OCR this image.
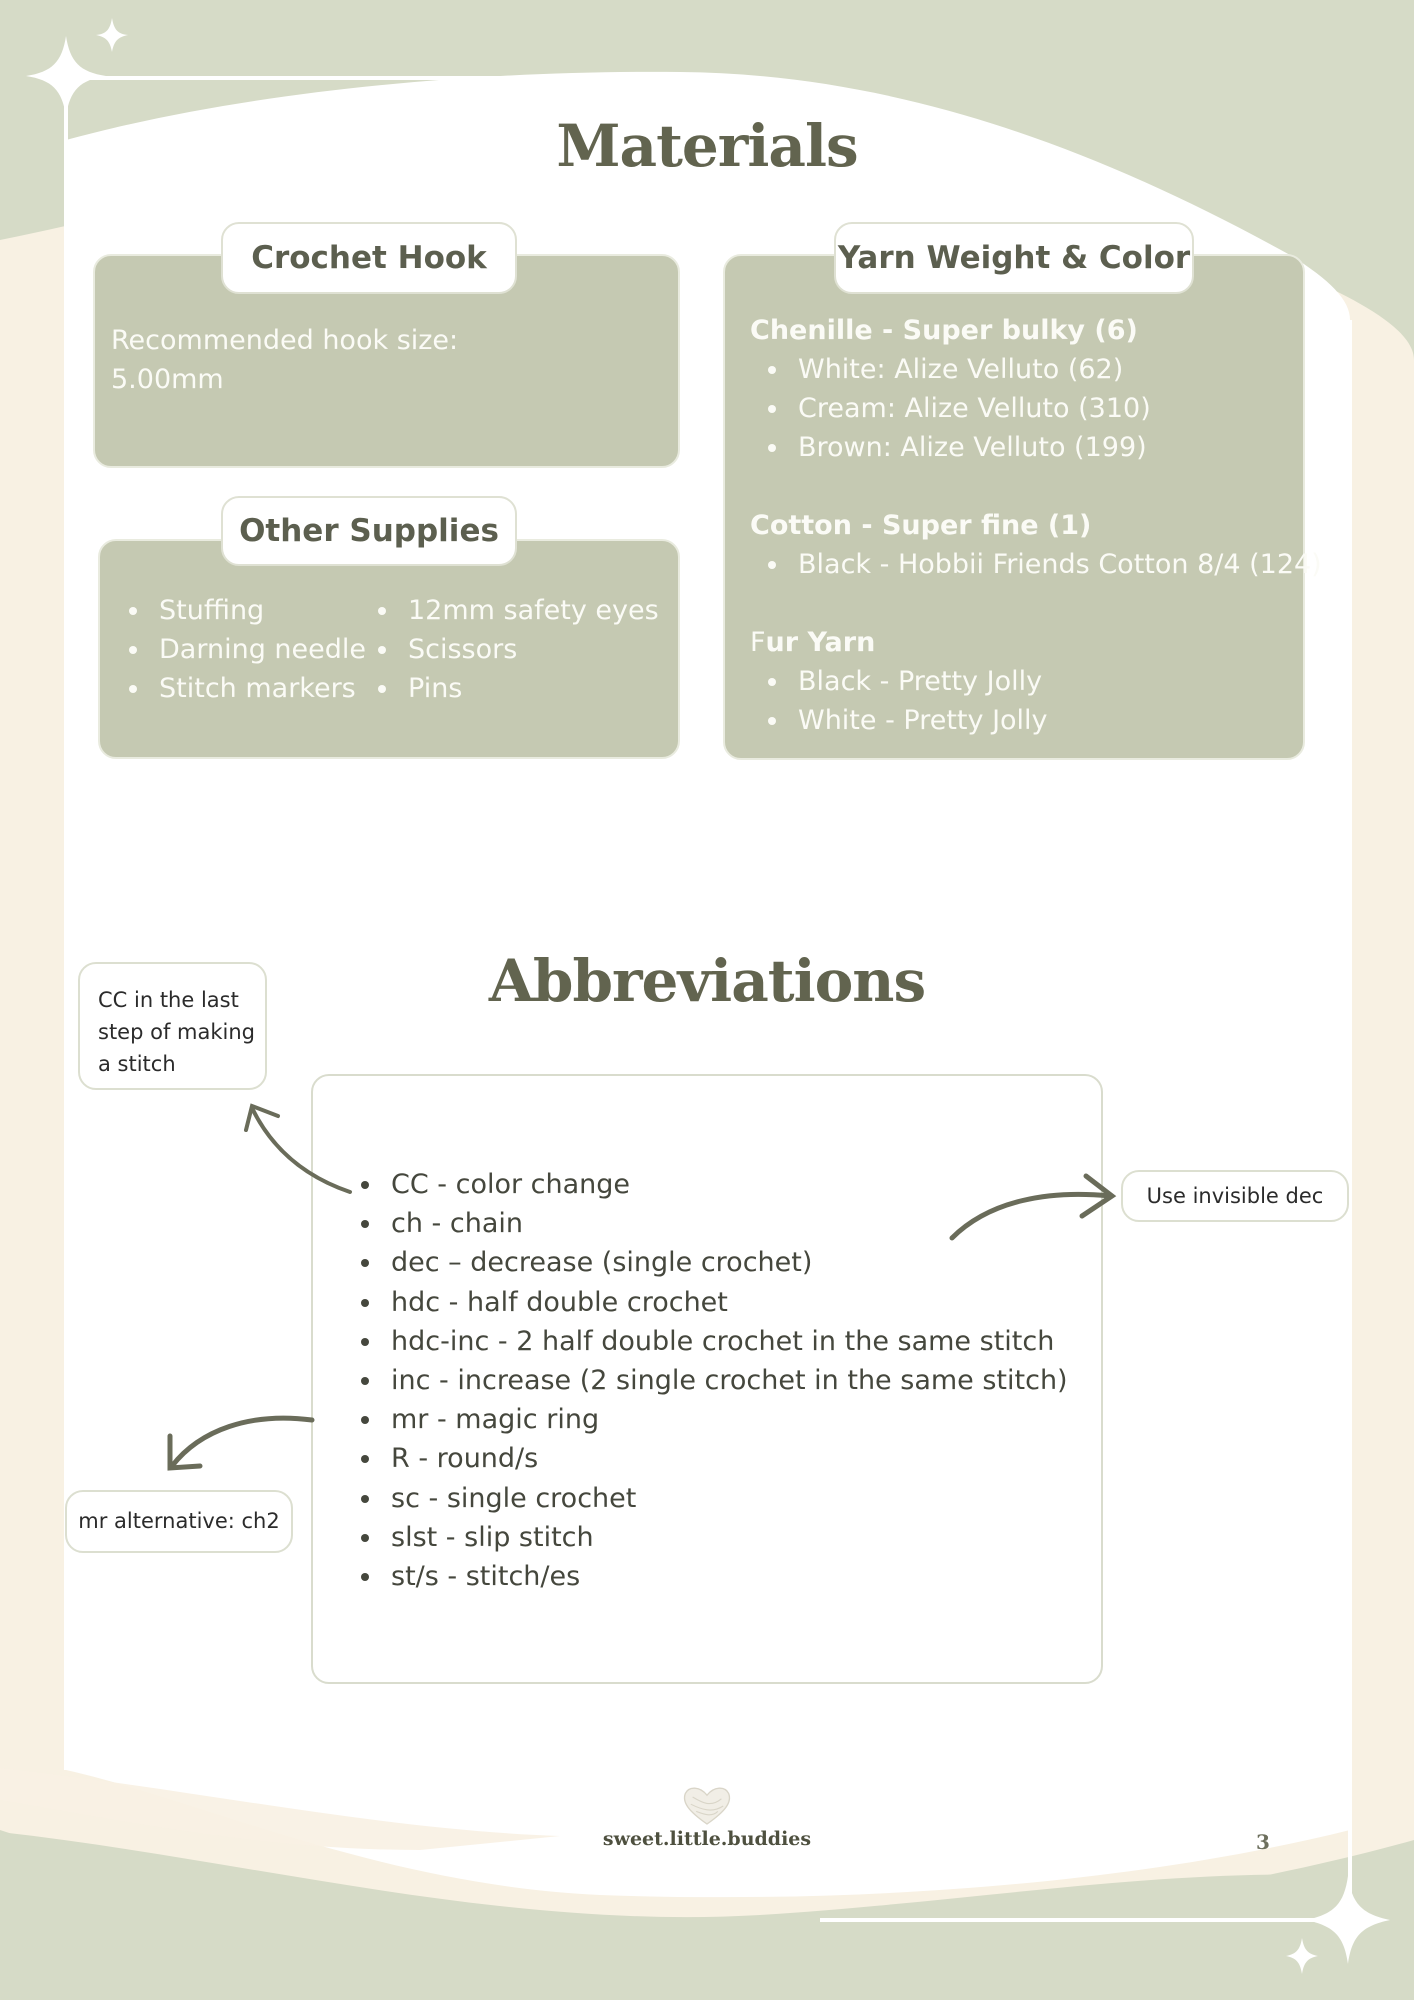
Materials
Crochet Hook
Recommended hook size:
5.00mm
Other Supplies
Stuffing
Darning needle
Stitch markers
12mm safety eyes
Scissors
Pins
Yarn Weight & Color
Chenille - Super bulky (6)
White: Alize Velluto (62)
Cream: Alize Velluto (310)
Brown: Alize Velluto (199)
Cotton - Super fine (1)
Black - Hobbii Friends Cotton 8/4 (124)
Fur Yarn
Black - Pretty Jolly
White - Pretty Jolly
Abbreviations
CC - color change
ch - chain
dec – decrease (single crochet)
hdc - half double crochet
hdc-inc - 2 half double crochet in the same stitch
inc - increase (2 single crochet in the same stitch)
mr - magic ring
R - round/s
sc - single crochet
slst - slip stitch
st/s - stitch/es
CC in the last
step of making
a stitch
Use invisible dec
mr alternative: ch2
sweet.little.buddies	3
